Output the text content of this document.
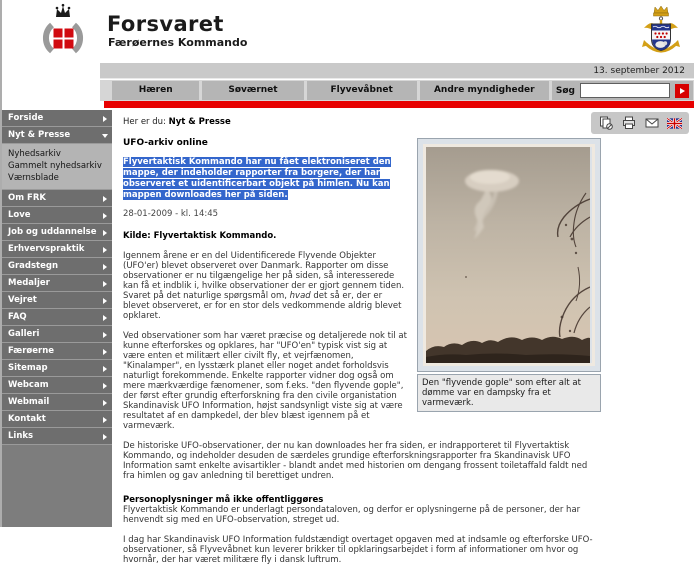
Forsvaret
Færøernes Kommando
13. september 2012
Hæren	Søværnet	Flyvevåbnet	Andre myndigheder	Søg
Forside
Nyt & Presse
Nyhedsarkiv
Gammelt nyhedsarkiv
Værnsblade
Om FRK
Love
Job og uddannelse
Erhvervspraktik
Gradstegn
Medaljer
Vejret
FAQ
Galleri
Færøerne
Sitemap
Webcam
Webmail
Kontakt
Links
Her er du: Nyt & Presse
Den "flyvende gople" som efter alt at dømme var en dampsky fra et varmeværk.
UFO-arkiv online

Flyvertaktisk Kommando har nu fået elektroniseret den mappe, der indeholder rapporter fra borgere, der har observeret et uidentificerbart objekt på himlen. Nu kan mappen downloades her på siden.

28-01-2009 - kl. 14:45

Kilde: Flyvertaktisk Kommando.

Igennem årene er en del Uidentificerede Flyvende Objekter (UFO'er) blevet observeret over Danmark. Rapporter om disse observationer er nu tilgængelige her på siden, så interesserede kan få et indblik i, hvilke observationer der er gjort gennem tiden. Svaret på det naturlige spørgsmål om, hvad det så er, der er blevet observeret, er for en stor dels vedkommende aldrig blevet opklaret.

Ved observationer som har været præcise og detaljerede nok til at kunne efterforskes og opklares, har "UFO'en" typisk vist sig at være enten et militært eller civilt fly, et vejrfænomen, "Kinalamper", en lysstærk planet eller noget andet forholdsvis naturligt forekommende. Enkelte rapporter vidner dog også om mere mærkværdige fænomener, som f.eks. "den flyvende gople", der først efter grundig efterforskning fra den civile organistation Skandinavisk UFO Information, højst sandsynligt viste sig at være resultatet af en dampkedel, der blev blæst igennem på et varmeværk.

De historiske UFO-observationer, der nu kan downloades her fra siden, er indrapporteret til Flyvertaktisk Kommando, og indeholder desuden de særdeles grundige efterforskningsrapporter fra Skandinavisk UFO Information samt enkelte avisartikler - blandt andet med historien om dengang frossent toiletaffald faldt ned fra himlen og gav anledning til berettiget undren.

Personoplysninger må ikke offentliggøres

Flyvertaktisk Kommando er underlagt persondataloven, og derfor er oplysningerne på de personer, der har henvendt sig med en UFO-observation, streget ud.

I dag har Skandinavisk UFO Information fuldstændigt overtaget opgaven med at indsamle og efterforske UFO-observationer, så Flyvevåbnet kun leverer brikker til opklaringsarbejdet i form af informationer om hvor og hvornår, der har været militære fly i dansk luftrum.
